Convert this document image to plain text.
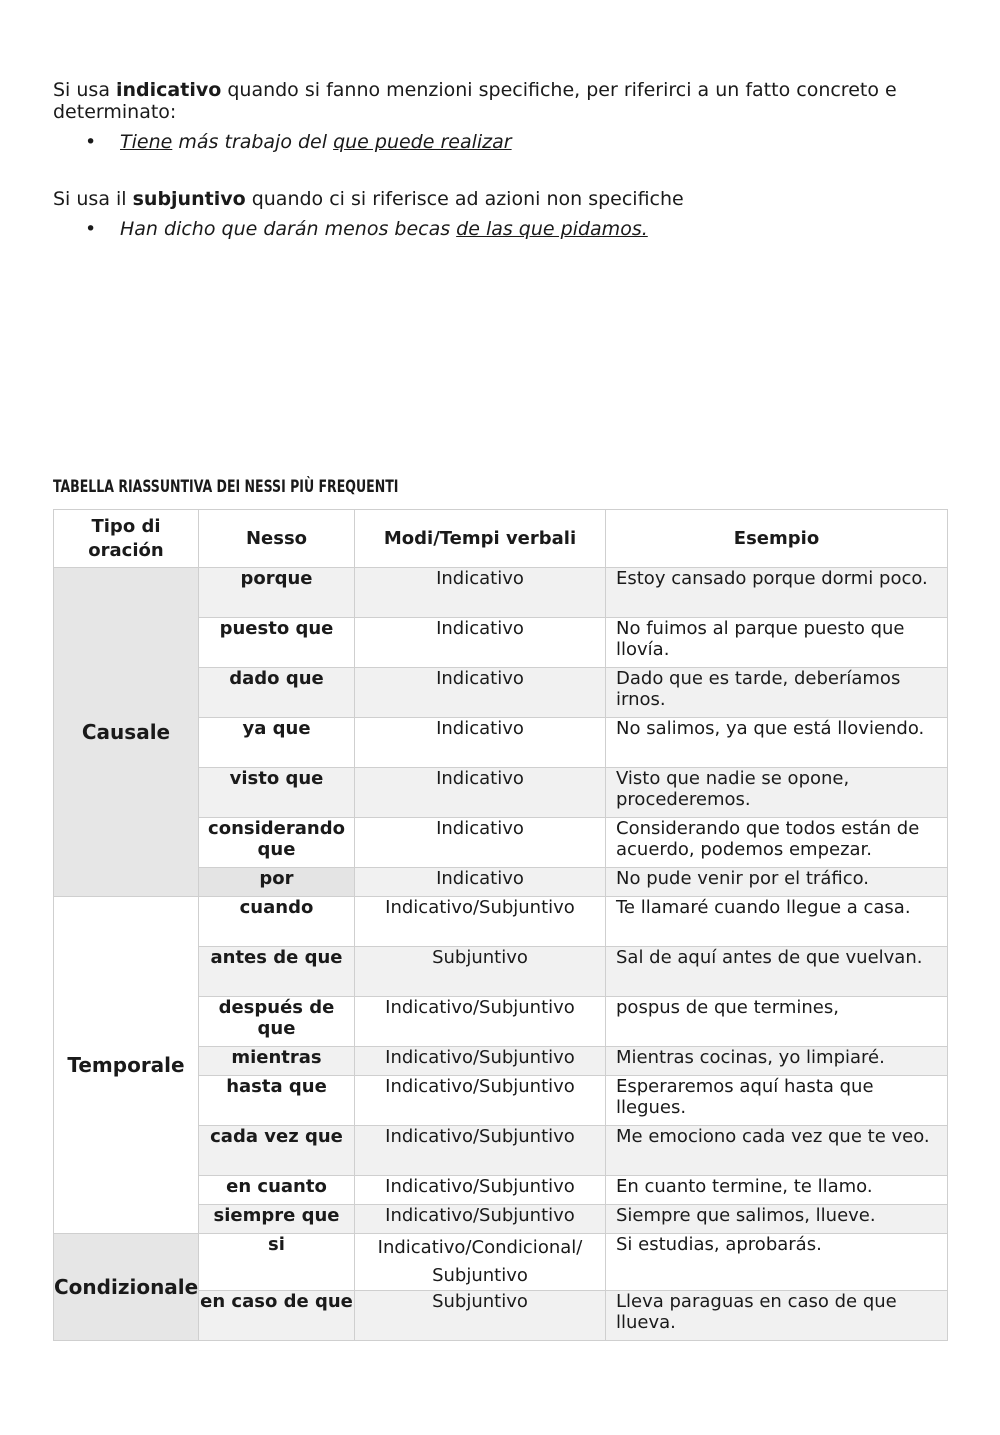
Si usa indicativo quando si fanno menzioni specifiche, per riferirci a un fatto concreto e determinato:
• Tiene más trabajo del que puede realizar
Si usa il subjuntivo quando ci si riferisce ad azioni non specifiche
• Han dicho que darán menos becas de las que pidamos.
TABELLA RIASSUNTIVA DEI NESSI PIÙ FREQUENTI
Tipo di oración	Nesso	Modi/Tempi verbali	Esempio
Causale	porque	Indicativo	Estoy cansado porque dormi poco.
	puesto que	Indicativo	No fuimos al parque puesto que llovía.
	dado que	Indicativo	Dado que es tarde, deberíamos irnos.
	ya que	Indicativo	No salimos, ya que está lloviendo.
	visto que	Indicativo	Visto que nadie se opone, procederemos.
	considerando que	Indicativo	Considerando que todos están de acuerdo, podemos empezar.
	por	Indicativo	No pude venir por el tráfico.
Temporale	cuando	Indicativo/Subjuntivo	Te llamaré cuando llegue a casa.
	antes de que	Subjuntivo	Sal de aquí antes de que vuelvan.
	después de que	Indicativo/Subjuntivo	pospus de que termines,
	mientras	Indicativo/Subjuntivo	Mientras cocinas, yo limpiaré.
	hasta que	Indicativo/Subjuntivo	Esperaremos aquí hasta que llegues.
	cada vez que	Indicativo/Subjuntivo	Me emociono cada vez que te veo.
	en cuanto	Indicativo/Subjuntivo	En cuanto termine, te llamo.
	siempre que	Indicativo/Subjuntivo	Siempre que salimos, llueve.
Condizionale	si	Indicativo/Condicional/ Subjuntivo	Si estudias, aprobarás.
	en caso de que	Subjuntivo	Lleva paraguas en caso de que llueva.
